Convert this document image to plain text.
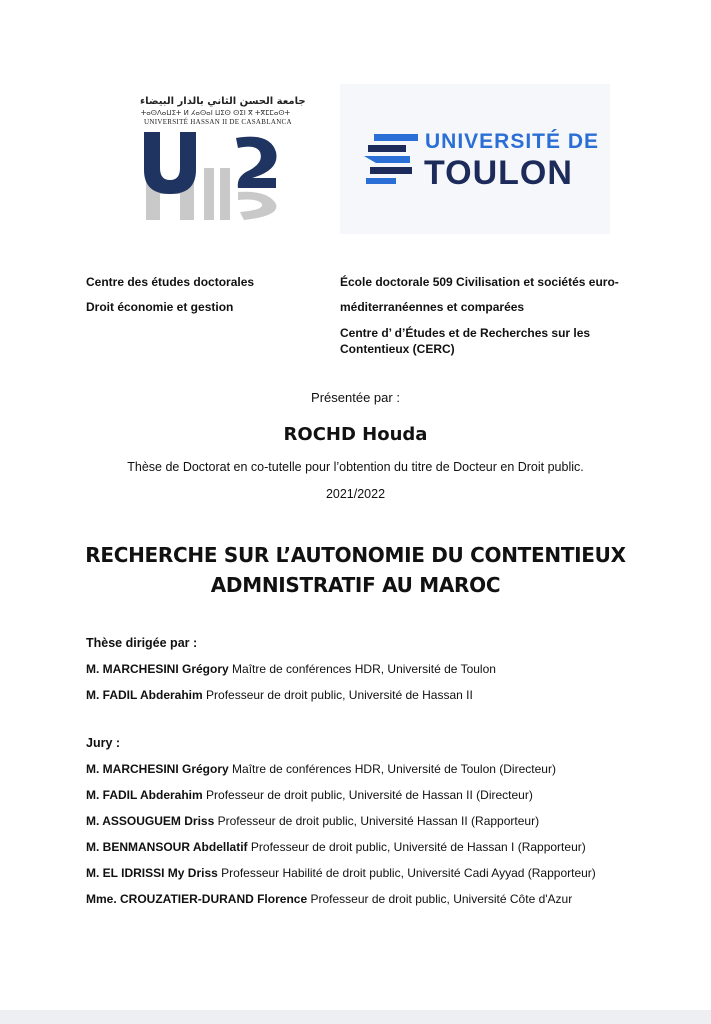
جامعة الحسن الثاني بالدار البيضاء
ⵜⴰⵙⴷⴰⵡⵉⵜ ⵍ ⵃⴰⵙⴰⵏ ⵡⵉⵙ ⵙⵉⵏ ⴳ ⵜⴳⵎⵎⴰⵙⵜ
UNIVERSITÉ HASSAN II DE CASABLANCA
UNIVERSITÉ DE
TOULON
Centre des études doctorales
Droit économie et gestion
École doctorale 509 Civilisation et sociétés euro-
méditerranéennes et comparées
Centre d’ d’Études et de Recherches sur les
Contentieux (CERC)
Présentée par :
ROCHD Houda
Thèse de Doctorat en co-tutelle pour l’obtention du titre de Docteur en Droit public.
2021/2022
RECHERCHE SUR L’AUTONOMIE DU CONTENTIEUX
ADMNISTRATIF AU MAROC
Thèse dirigée par :
M. MARCHESINI Grégory Maître de conférences HDR, Université de Toulon
M. FADIL Abderahim Professeur de droit public, Université de Hassan II
Jury :
M. MARCHESINI Grégory Maître de conférences HDR, Université de Toulon (Directeur)
M. FADIL Abderahim Professeur de droit public, Université de Hassan II (Directeur)
M. ASSOUGUEM Driss Professeur de droit public, Université Hassan II (Rapporteur)
M. BENMANSOUR Abdellatif Professeur de droit public, Université de Hassan I (Rapporteur)
M. EL IDRISSI My Driss Professeur Habilité de droit public, Université Cadi Ayyad (Rapporteur)
Mme. CROUZATIER-DURAND Florence Professeur de droit public, Université Côte d'Azur
